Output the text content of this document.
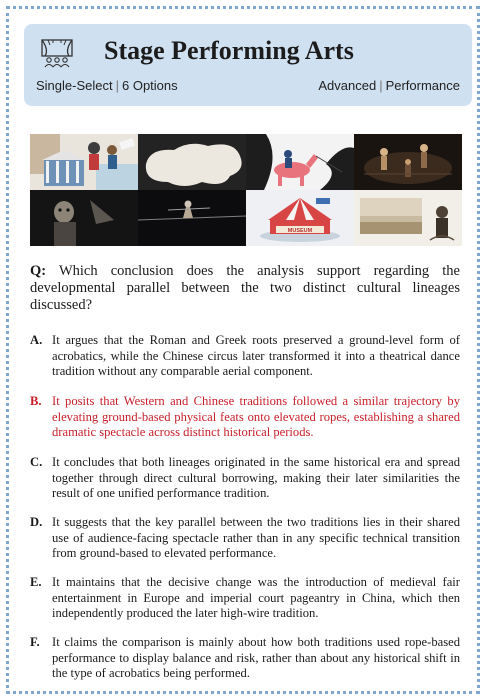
Stage Performing Arts
Single-Select | 6 Options	Advanced | Performance
MUSEUM
Q: Which conclusion does the analysis support regarding the developmental parallel between the two distinct cultural lineages discussed?
A. It argues that the Roman and Greek roots preserved a ground-level form of acrobatics, while the Chinese circus later transformed it into a theatrical dance tradition without any comparable aerial component.
B. It posits that Western and Chinese traditions followed a similar trajectory by elevating ground-based physical feats onto elevated ropes, establishing a shared dramatic spectacle across distinct historical periods.
C. It concludes that both lineages originated in the same historical era and spread together through direct cultural borrowing, making their later similarities the result of one unified performance tradition.
D. It suggests that the key parallel between the two traditions lies in their shared use of audience-facing spectacle rather than in any specific technical transition from ground-based to elevated performance.
E. It maintains that the decisive change was the introduction of medieval fair entertainment in Europe and imperial court pageantry in China, which then independently produced the later high-wire tradition.
F. It claims the comparison is mainly about how both traditions used rope-based performance to display balance and risk, rather than about any historical shift in the type of acrobatics being performed.
